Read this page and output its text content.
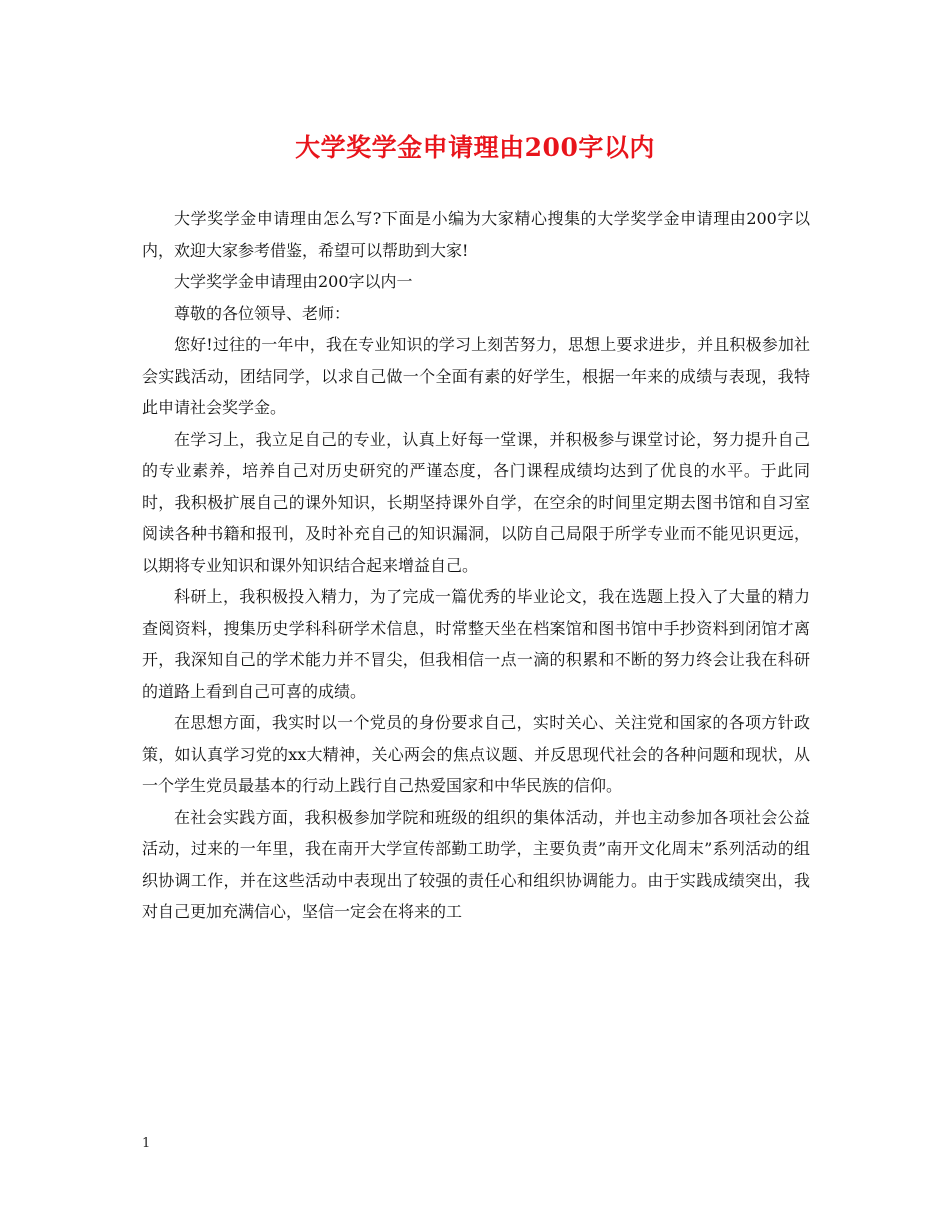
大学奖学金申请理由200字以内

大学奖学金申请理由怎么写?下面是小编为大家精心搜集的大学奖学金申请理由200字以内，欢迎大家参考借鉴，希望可以帮助到大家!

大学奖学金申请理由200字以内一

尊敬的各位领导、老师：

您好!过往的一年中，我在专业知识的学习上刻苦努力，思想上要求进步，并且积极参加社会实践活动，团结同学，以求自己做一个全面有素的好学生，根据一年来的成绩与表现，我特此申请社会奖学金。

在学习上，我立足自己的专业，认真上好每一堂课，并积极参与课堂讨论，努力提升自己的专业素养，培养自己对历史研究的严谨态度，各门课程成绩均达到了优良的水平。于此同时，我积极扩展自己的课外知识，长期坚持课外自学，在空余的时间里定期去图书馆和自习室阅读各种书籍和报刊，及时补充自己的知识漏洞，以防自己局限于所学专业而不能见识更远，以期将专业知识和课外知识结合起来增益自己。

科研上，我积极投入精力，为了完成一篇优秀的毕业论文，我在选题上投入了大量的精力查阅资料，搜集历史学科科研学术信息，时常整天坐在档案馆和图书馆中手抄资料到闭馆才离开，我深知自己的学术能力并不冒尖，但我相信一点一滴的积累和不断的努力终会让我在科研的道路上看到自己可喜的成绩。

在思想方面，我实时以一个党员的身份要求自己，实时关心、关注党和国家的各项方针政策，如认真学习党的xx大精神，关心两会的焦点议题、并反思现代社会的各种问题和现状，从一个学生党员最基本的行动上践行自己热爱国家和中华民族的信仰。

在社会实践方面，我积极参加学院和班级的组织的集体活动，并也主动参加各项社会公益活动，过来的一年里，我在南开大学宣传部勤工助学，主要负责”南开文化周末”系列活动的组织协调工作，并在这些活动中表现出了较强的责任心和组织协调能力。由于实践成绩突出，我对自己更加充满信心，坚信一定会在将来的工

1
